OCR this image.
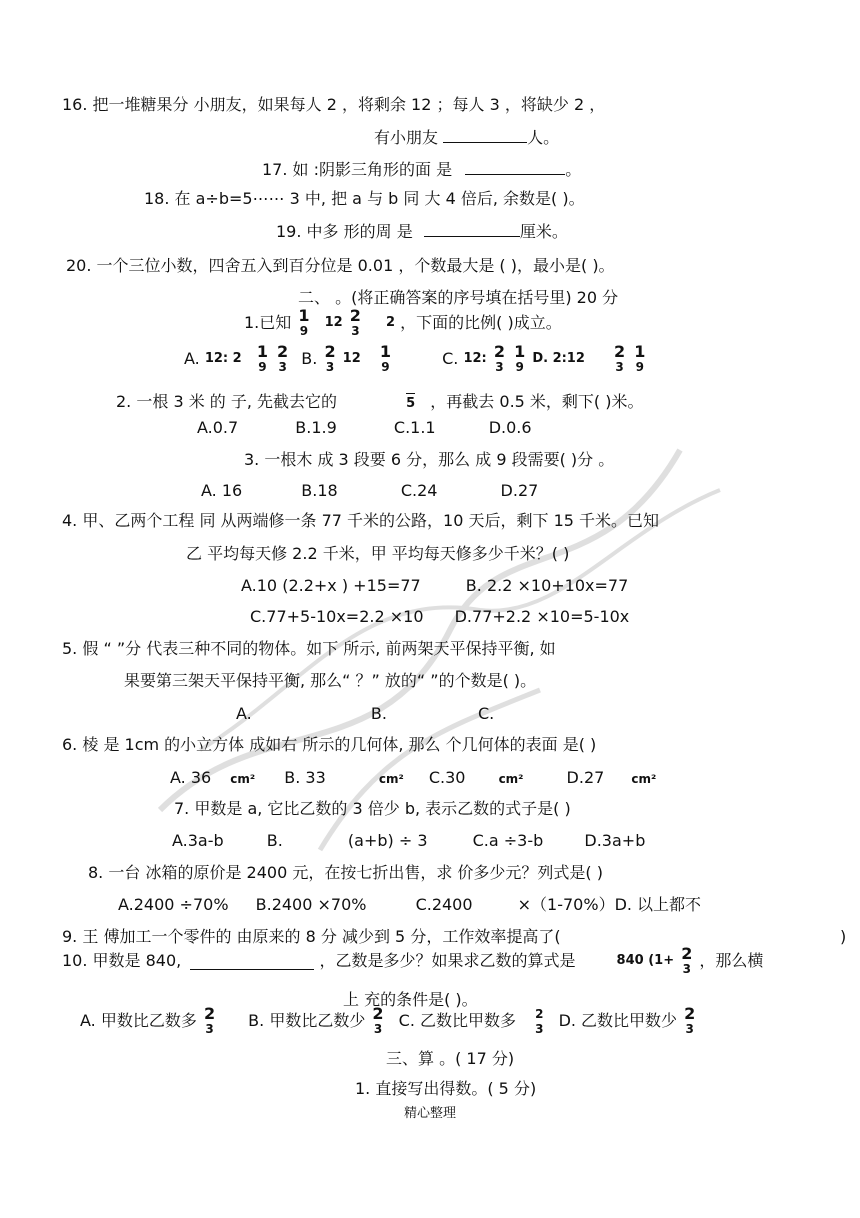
16. 把一堆糖果分 小朋友，如果每人 2 ，将剩余 12 ；每人 3 ，将缺少 2 ，
有小朋友	人。
17. 如 :阴影三角形的面 是	。
18. 在 a÷b=5⋯⋯ 3 中, 把 a 与 b 同 大 4 倍后, 余数是( )。
19. 中多 形的周 是	厘米。
20. 一个三位小数，四舍五入到百分位是 0.01 ，个数最大是 ( )，最小是( )。
二、 。(将正确答案的序号填在括号里) 20 分
1.已知 1
9
12 2
3
2 ，下面的比例( )成立。
A. 12: 2 1
9

2
3 B. 2
3
12 1
9	C. 12: 2
3

1
9
D. 2:12 2
3

1
9
2. 一根 3 米 的 子, 先截去它的	5 ，再截去 0.5 米，剩下( )米。
A.0.7	B.1.9	C.1.1	D.0.6
3. 一根木 成 3 段要 6 分，那么 成 9 段需要( )分 。
A. 16	B.18	C.24	D.27
4. 甲、乙两个工程 同 从两端修一条 77 千米的公路，10 天后，剩下 15 千米。已知
乙 平均每天修 2.2 千米，甲 平均每天修多少千米？( )
A.10 (2.2+x ) +15=77	B. 2.2 ×10+10x=77
C.77+5-10x=2.2 ×10 D.77+2.2 ×10=5-10x
5. 假 “ ”分 代表三种不同的物体。如下 所示, 前两架天平保持平衡, 如
果要第三架天平保持平衡, 那么“ ？” 放的“ ”的个数是( )。
A.	B.	C.
6. 棱 是 1cm 的小立方体 成如右 所示的几何体, 那么 个几何体的表面 是( )
A. 36 cm² B. 33	cm² C.30	cm²	D.27 cm²
7. 甲数是 a, 它比乙数的 3 倍少 b, 表示乙数的式子是( )
A.3a-b	B.	(a+b) ÷ 3	C.a ÷3-b	D.3a+b
8. 一台 冰箱的原价是 2400 元，在按七折出售，求 价多少元？列式是( )
A.2400 ÷70% B.2400 ×70%	C.2400	×（1-70%）D. 以上都不
9. 王 傅加工一个零件的 由原来的 8 分 减少到 5 分，工作效率提高了(	)
10. 甲数是 840,	，乙数是多少？如果求乙数的算式是	840 (1+ 2
3 ，那么横
上 充的条件是( )。
A. 甲数比乙数多 2
3 B. 甲数比乙数少 2
3 C. 乙数比甲数多 2
3 D. 乙数比甲数少 2
3
三、算 。( 17 分)
1. 直接写出得数。( 5 分)
精心整理
